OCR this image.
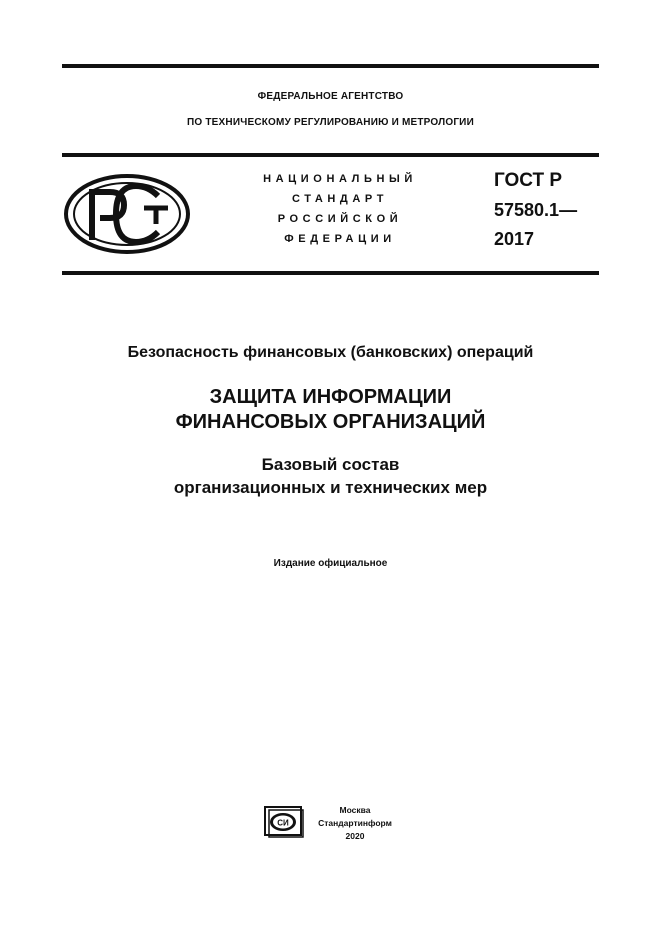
ФЕДЕРАЛЬНОЕ АГЕНТСТВО
ПО ТЕХНИЧЕСКОМУ РЕГУЛИРОВАНИЮ И МЕТРОЛОГИИ
НАЦИОНАЛЬНЫЙ
СТАНДАРТ
РОССИЙСКОЙ
ФЕДЕРАЦИИ
ГОСТ Р
57580.1—
2017
Безопасность финансовых (банковских) операций
ЗАЩИТА ИНФОРМАЦИИ
ФИНАНСОВЫХ ОРГАНИЗАЦИЙ
Базовый состав
организационных и технических мер
Издание официальное
СИ
Москва
Стандартинформ
2020
